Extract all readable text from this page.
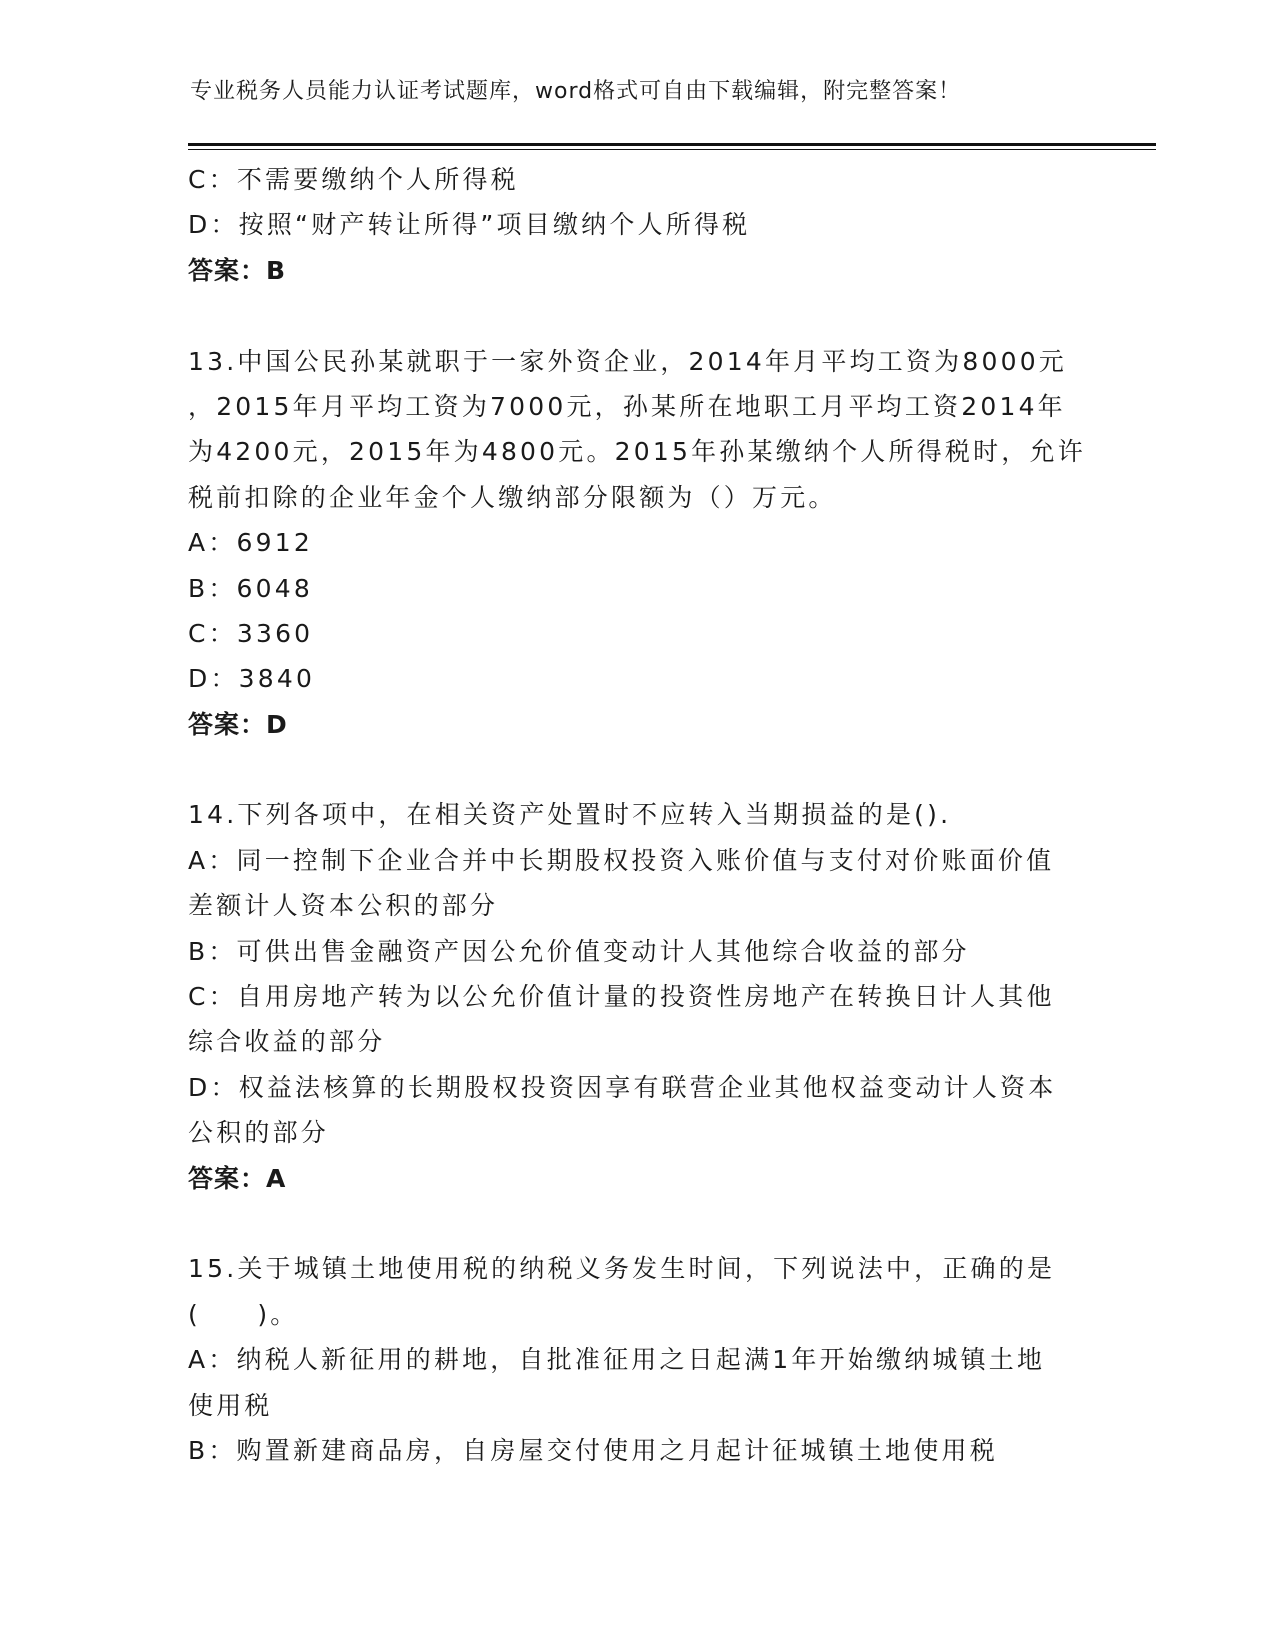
专业税务人员能力认证考试题库，word格式可自由下载编辑，附完整答案！
C：不需要缴纳个人所得税
D：按照“财产转让所得”项目缴纳个人所得税
答案：B
13.中国公民孙某就职于一家外资企业，2014年月平均工资为8000元
，2015年月平均工资为7000元，孙某所在地职工月平均工资2014年
为4200元，2015年为4800元。2015年孙某缴纳个人所得税时，允许
税前扣除的企业年金个人缴纳部分限额为（）万元。
A：6912
B：6048
C：3360
D：3840
答案：D
14.下列各项中，在相关资产处置时不应转入当期损益的是().
A：同一控制下企业合并中长期股权投资入账价值与支付对价账面价值
差额计人资本公积的部分
B：可供出售金融资产因公允价值变动计人其他综合收益的部分
C：自用房地产转为以公允价值计量的投资性房地产在转换日计人其他
综合收益的部分
D：权益法核算的长期股权投资因享有联营企业其他权益变动计人资本
公积的部分
答案：A
15.关于城镇土地使用税的纳税义务发生时间，下列说法中，正确的是
(　　)。
A：纳税人新征用的耕地，自批准征用之日起满1年开始缴纳城镇土地
使用税
B：购置新建商品房，自房屋交付使用之月起计征城镇土地使用税
